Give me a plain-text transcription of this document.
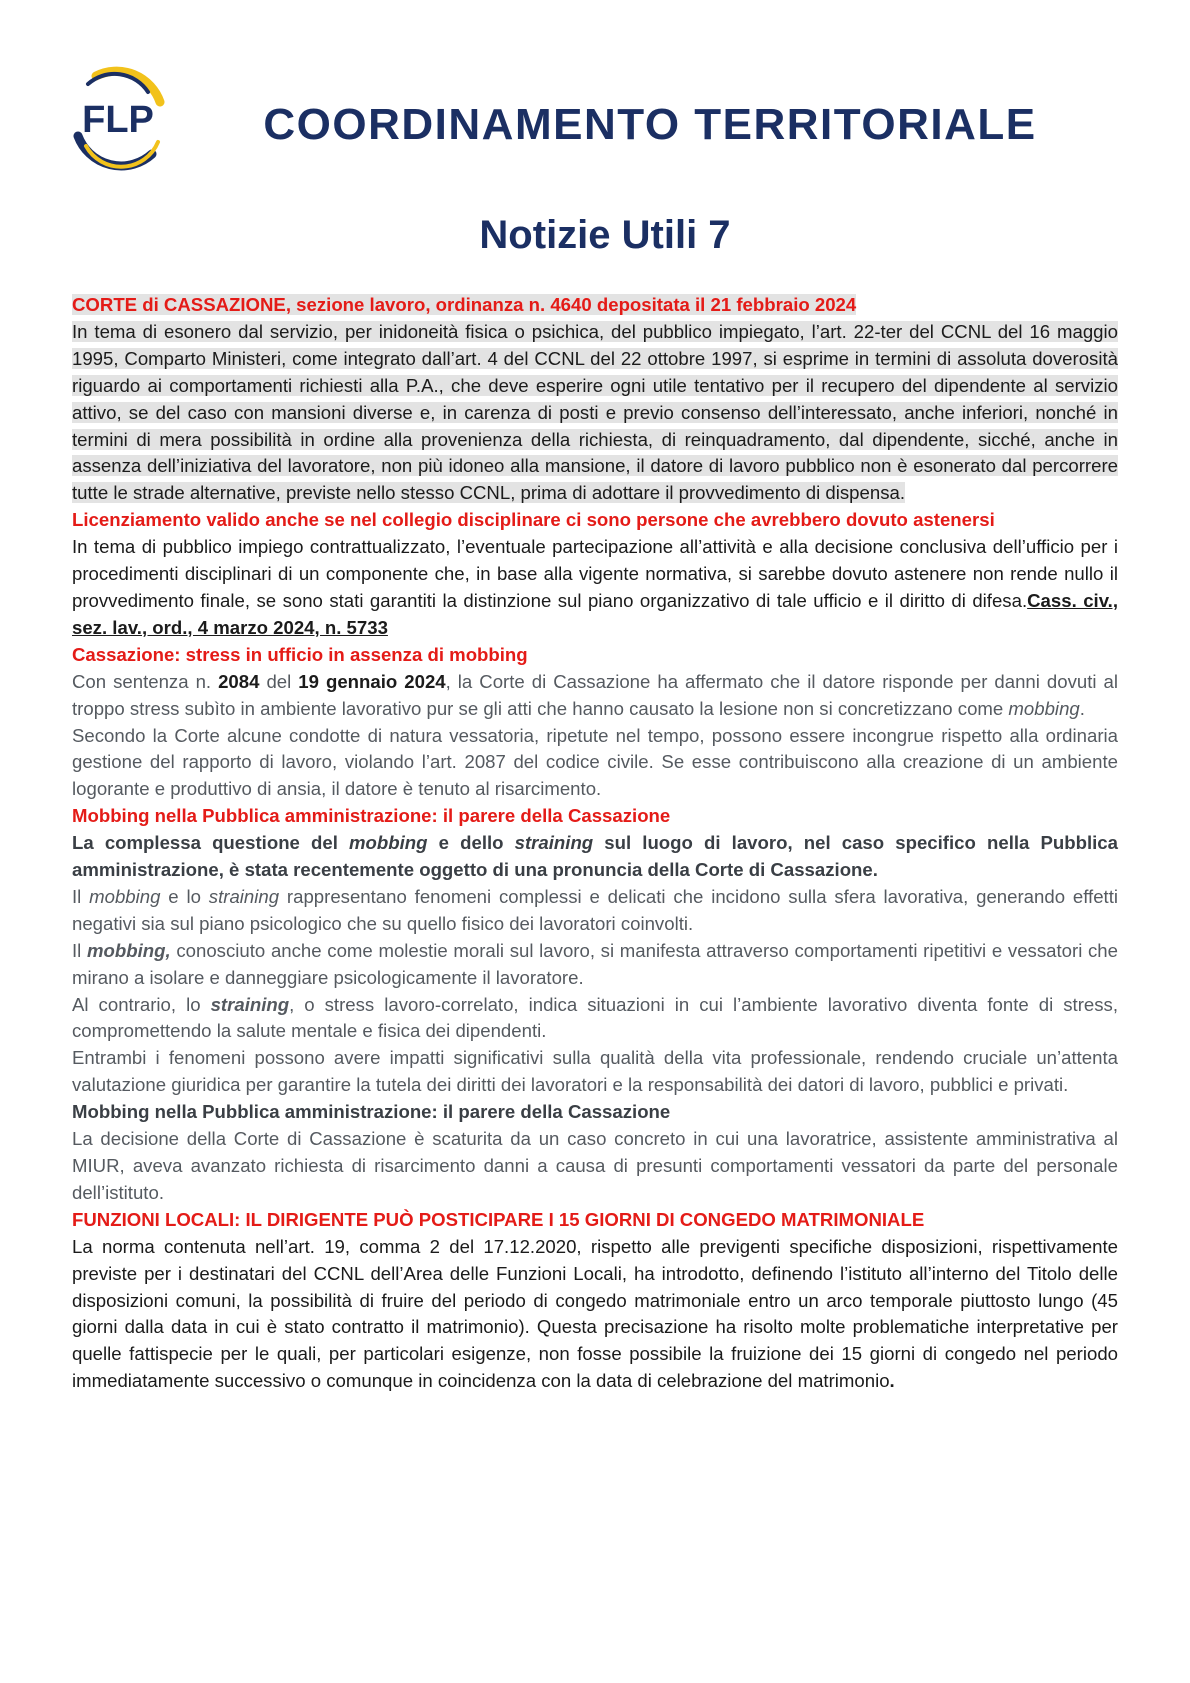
FLP	COORDINAMENTO TERRITORIALE
Notizie Utili 7

CORTE di CASSAZIONE, sezione lavoro, ordinanza n. 4640 depositata il 21 febbraio 2024

In tema di esonero dal servizio, per inidoneità fisica o psichica, del pubblico impiegato, l’art. 22-ter del CCNL del 16 maggio 1995, Comparto Ministeri, come integrato dall’art. 4 del CCNL del 22 ottobre 1997, si esprime in termini di assoluta doverosità riguardo ai comportamenti richiesti alla P.A., che deve esperire ogni utile tentativo per il recupero del dipendente al servizio attivo, se del caso con mansioni diverse e, in carenza di posti e previo consenso dell’interessato, anche inferiori, nonché in termini di mera possibilità in ordine alla provenienza della richiesta, di reinquadramento, dal dipendente, sicché, anche in assenza dell’iniziativa del lavoratore, non più idoneo alla mansione, il datore di lavoro pubblico non è esonerato dal percorrere tutte le strade alternative, previste nello stesso CCNL, prima di adottare il provvedimento di dispensa.

Licenziamento valido anche se nel collegio disciplinare ci sono persone che avrebbero dovuto astenersi

In tema di pubblico impiego contrattualizzato, l’eventuale partecipazione all’attività e alla decisione conclusiva dell’ufficio per i procedimenti disciplinari di un componente che, in base alla vigente normativa, si sarebbe dovuto astenere non rende nullo il provvedimento finale, se sono stati garantiti la distinzione sul piano organizzativo di tale ufficio e il diritto di difesa.Cass. civ., sez. lav., ord., 4 marzo 2024, n. 5733

Cassazione: stress in ufficio in assenza di mobbing

Con sentenza n. 2084 del 19 gennaio 2024, la Corte di Cassazione ha affermato che il datore risponde per danni dovuti al troppo stress subìto in ambiente lavorativo pur se gli atti che hanno causato la lesione non si concretizzano come mobbing.

Secondo la Corte alcune condotte di natura vessatoria, ripetute nel tempo, possono essere incongrue rispetto alla ordinaria gestione del rapporto di lavoro, violando l’art. 2087 del codice civile. Se esse contribuiscono alla creazione di un ambiente logorante e produttivo di ansia, il datore è tenuto al risarcimento.

Mobbing nella Pubblica amministrazione: il parere della Cassazione

La complessa questione del mobbing e dello straining sul luogo di lavoro, nel caso specifico nella Pubblica amministrazione, è stata recentemente oggetto di una pronuncia della Corte di Cassazione.

Il mobbing e lo straining rappresentano fenomeni complessi e delicati che incidono sulla sfera lavorativa, generando effetti negativi sia sul piano psicologico che su quello fisico dei lavoratori coinvolti.

Il mobbing, conosciuto anche come molestie morali sul lavoro, si manifesta attraverso comportamenti ripetitivi e vessatori che mirano a isolare e danneggiare psicologicamente il lavoratore.

Al contrario, lo straining, o stress lavoro-correlato, indica situazioni in cui l’ambiente lavorativo diventa fonte di stress, compromettendo la salute mentale e fisica dei dipendenti.

Entrambi i fenomeni possono avere impatti significativi sulla qualità della vita professionale, rendendo cruciale un’attenta valutazione giuridica per garantire la tutela dei diritti dei lavoratori e la responsabilità dei datori di lavoro, pubblici e privati.

Mobbing nella Pubblica amministrazione: il parere della Cassazione

La decisione della Corte di Cassazione è scaturita da un caso concreto in cui una lavoratrice, assistente amministrativa al MIUR, aveva avanzato richiesta di risarcimento danni a causa di presunti comportamenti vessatori da parte del personale dell’istituto.

FUNZIONI LOCALI: IL DIRIGENTE PUÒ POSTICIPARE I 15 GIORNI DI CONGEDO MATRIMONIALE

La norma contenuta nell’art. 19, comma 2 del 17.12.2020, rispetto alle previgenti specifiche disposizioni, rispettivamente previste per i destinatari del CCNL dell’Area delle Funzioni Locali, ha introdotto, definendo l’istituto all’interno del Titolo delle disposizioni comuni, la possibilità di fruire del periodo di congedo matrimoniale entro un arco temporale piuttosto lungo (45 giorni dalla data in cui è stato contratto il matrimonio). Questa precisazione ha risolto molte problematiche interpretative per quelle fattispecie per le quali, per particolari esigenze, non fosse possibile la fruizione dei 15 giorni di congedo nel periodo immediatamente successivo o comunque in coincidenza con la data di celebrazione del matrimonio.
